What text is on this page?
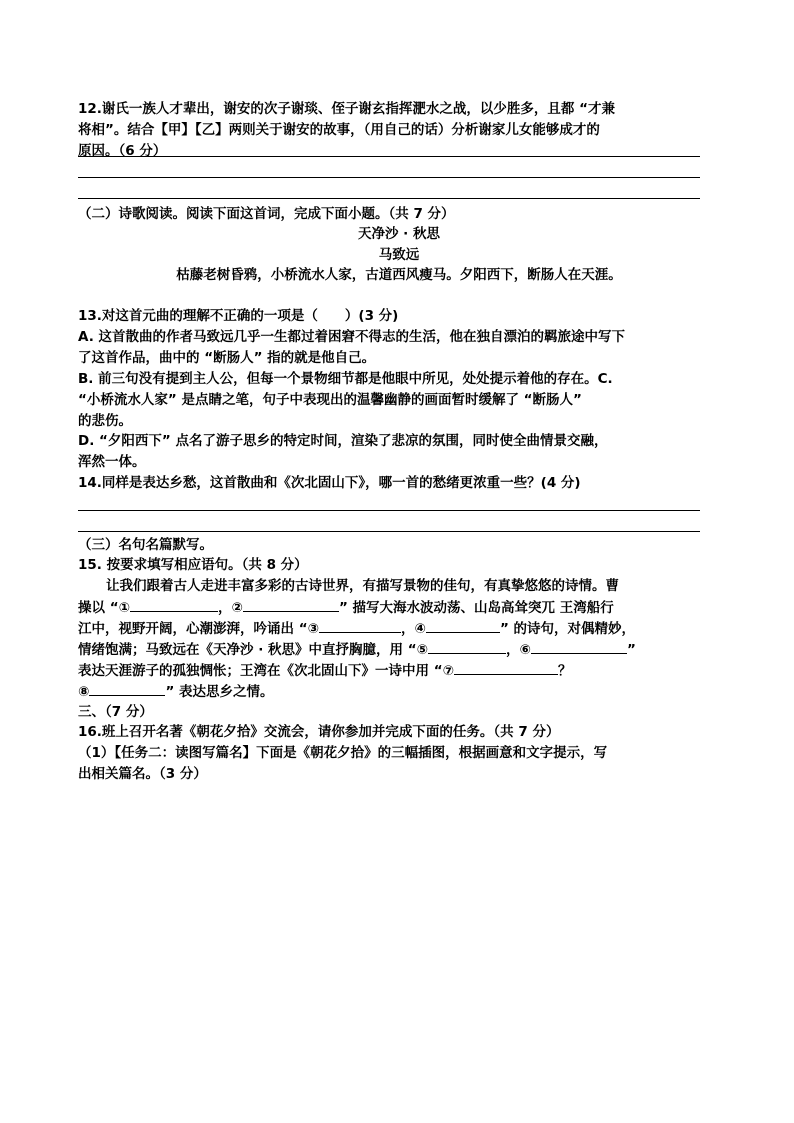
12.谢氏一族人才辈出，谢安的次子谢琰、侄子谢玄指挥淝水之战，以少胜多，且都 “才兼
将相”。结合【甲】【乙】两则关于谢安的故事，（用自己的话）分析谢家儿女能够成才的
原因。（6 分）
（二）诗歌阅读。阅读下面这首词，完成下面小题。（共 7 分）
天净沙 · 秋思
马致远
枯藤老树昏鸦，小桥流水人家，古道西风瘦马。夕阳西下，断肠人在天涯。
13.对这首元曲的理解不正确的一项是（　　）(3 分)
A. 这首散曲的作者马致远几乎一生都过着困窘不得志的生活，他在独自漂泊的羁旅途中写下
了这首作品，曲中的 “断肠人” 指的就是他自己。
B. 前三句没有提到主人公，但每一个景物细节都是他眼中所见，处处提示着他的存在。C.
“小桥流水人家” 是点睛之笔，句子中表现出的温馨幽静的画面暂时缓解了 “断肠人”
的悲伤。
D. “夕阳西下” 点名了游子思乡的特定时间，渲染了悲凉的氛围，同时使全曲情景交融，
浑然一体。
14.同样是表达乡愁，这首散曲和《次北固山下》，哪一首的愁绪更浓重一些？(4 分)
（三）名句名篇默写。
15. 按要求填写相应语句。（共 8 分）
让我们跟着古人走进丰富多彩的古诗世界，有描写景物的佳句，有真挚悠悠的诗情。曹
操以 “①	，②	” 描写大海水波动荡、山岛高耸突兀 王湾船行
江中，视野开阔，心潮澎湃，吟诵出 “③	，④	” 的诗句，对偶精妙，
情绪饱满；马致远在《天净沙 · 秋思》中直抒胸臆，用 “⑤	，⑥	”
表达天涯游子的孤独惆怅；王湾在《次北固山下》一诗中用 “⑦	？
⑧	” 表达思乡之情。
三、（7 分）
16.班上召开名著《朝花夕拾》交流会，请你参加并完成下面的任务。（共 7 分）
（1）【任务二：读图写篇名】下面是《朝花夕拾》的三幅插图，根据画意和文字提示，写
出相关篇名。（3 分）
